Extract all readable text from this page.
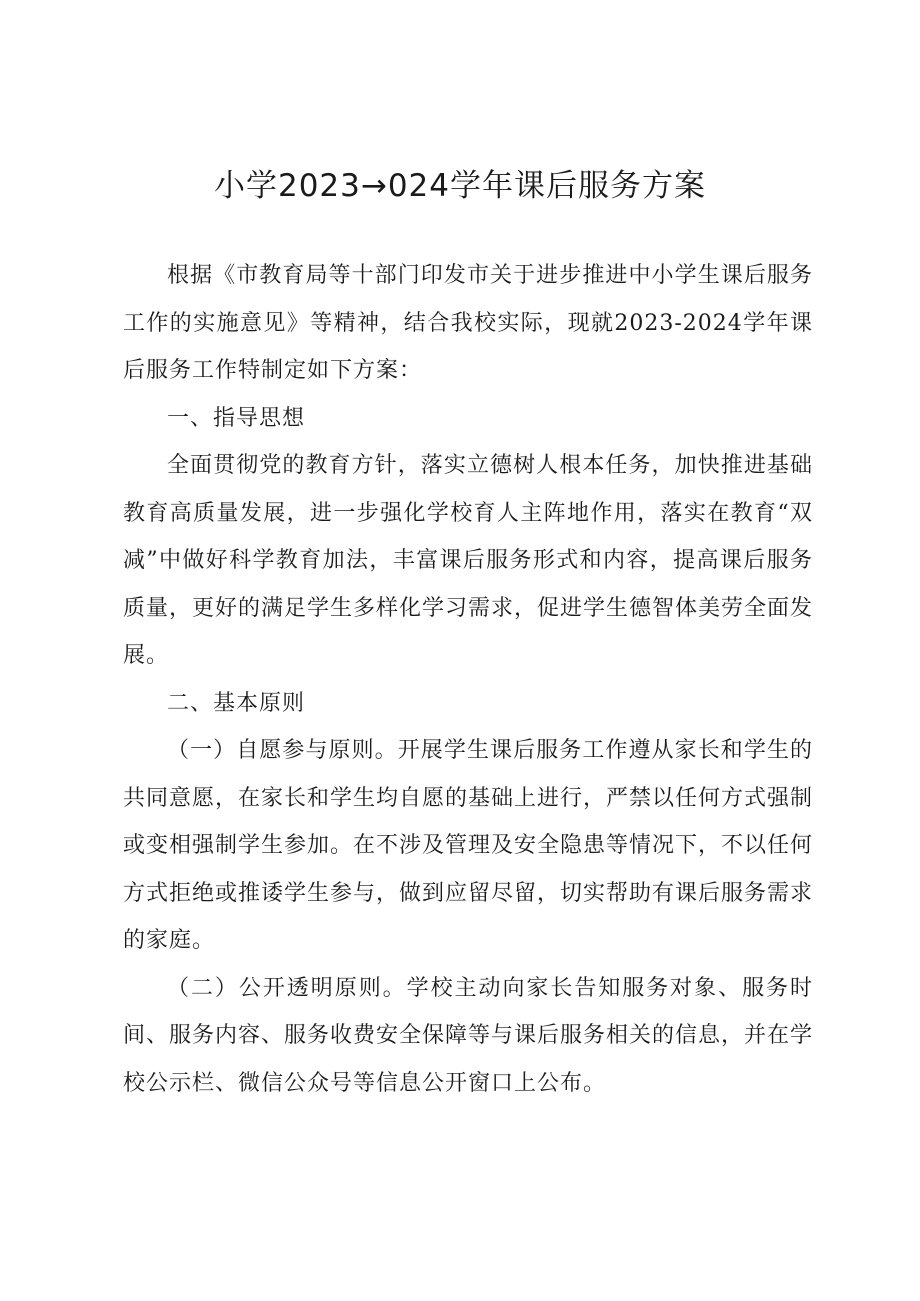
小学2023→024学年课后服务方案

根据《市教育局等十部门印发市关于进步推进中小学生课后服务工作的实施意见》等精神，结合我校实际，现就2023-2024学年课后服务工作特制定如下方案：

一、指导思想

全面贯彻党的教育方针，落实立德树人根本任务，加快推进基础教育高质量发展，进一步强化学校育人主阵地作用，落实在教育“双减”中做好科学教育加法，丰富课后服务形式和内容，提高课后服务质量，更好的满足学生多样化学习需求，促进学生德智体美劳全面发展。

二、基本原则

（一）自愿参与原则。开展学生课后服务工作遵从家长和学生的共同意愿，在家长和学生均自愿的基础上进行，严禁以任何方式强制或变相强制学生参加。在不涉及管理及安全隐患等情况下，不以任何方式拒绝或推诿学生参与，做到应留尽留，切实帮助有课后服务需求的家庭。

（二）公开透明原则。学校主动向家长告知服务对象、服务时间、服务内容、服务收费安全保障等与课后服务相关的信息，并在学校公示栏、微信公众号等信息公开窗口上公布。
